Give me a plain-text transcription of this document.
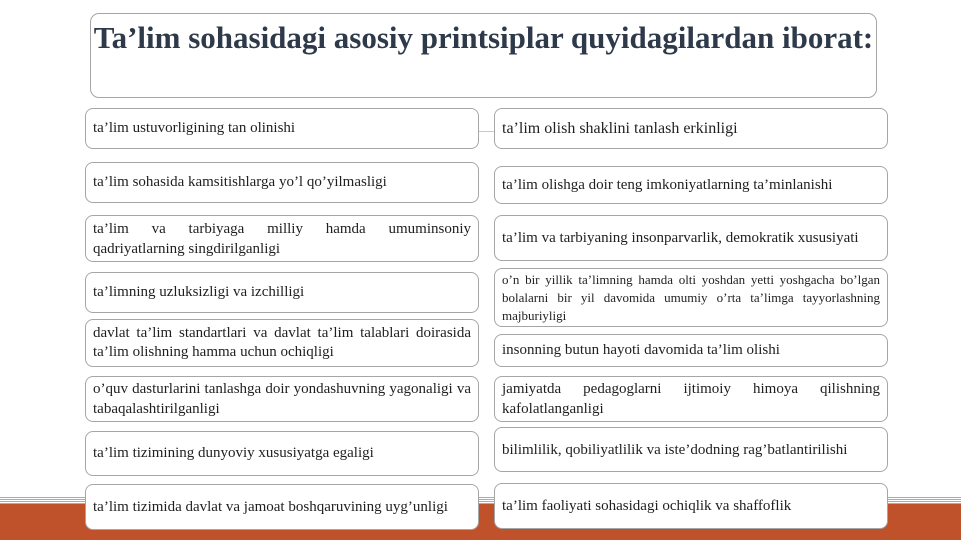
Ta’lim sohasidagi asosiy printsiplar quyidagilardan iborat:
ta’lim ustuvorligining tan olinishi
ta’lim sohasida kamsitishlarga yo’l qo’yilmasligi
ta’lim va tarbiyaga milliy hamda umuminsoniy qadriyatlarning singdirilganligi
ta’limning uzluksizligi va izchilligi
davlat ta’lim standartlari va davlat ta’lim talablari doirasida ta’lim olishning hamma uchun ochiqligi
o’quv dasturlarini tanlashga doir yondashuvning yagonaligi va tabaqalashtirilganligi
ta’lim tizimining dunyoviy xususiyatga egaligi
ta’lim tizimida davlat va jamoat boshqaruvining uyg’unligi
ta’lim olish shaklini tanlash erkinligi
ta’lim olishga doir teng imkoniyatlarning ta’minlanishi
ta’lim va tarbiyaning insonparvarlik, demokratik xususiyati
o’n bir yillik ta’limning hamda olti yoshdan yetti yoshgacha bo’lgan bolalarni bir yil davomida umumiy o’rta ta’limga tayyorlashning majburiyligi
insonning butun hayoti davomida ta’lim olishi
jamiyatda pedagoglarni ijtimoiy himoya qilishning kafolatlanganligi
bilimlilik, qobiliyatlilik va iste’dodning rag’batlantirilishi
ta’lim faoliyati sohasidagi ochiqlik va shaffoflik
